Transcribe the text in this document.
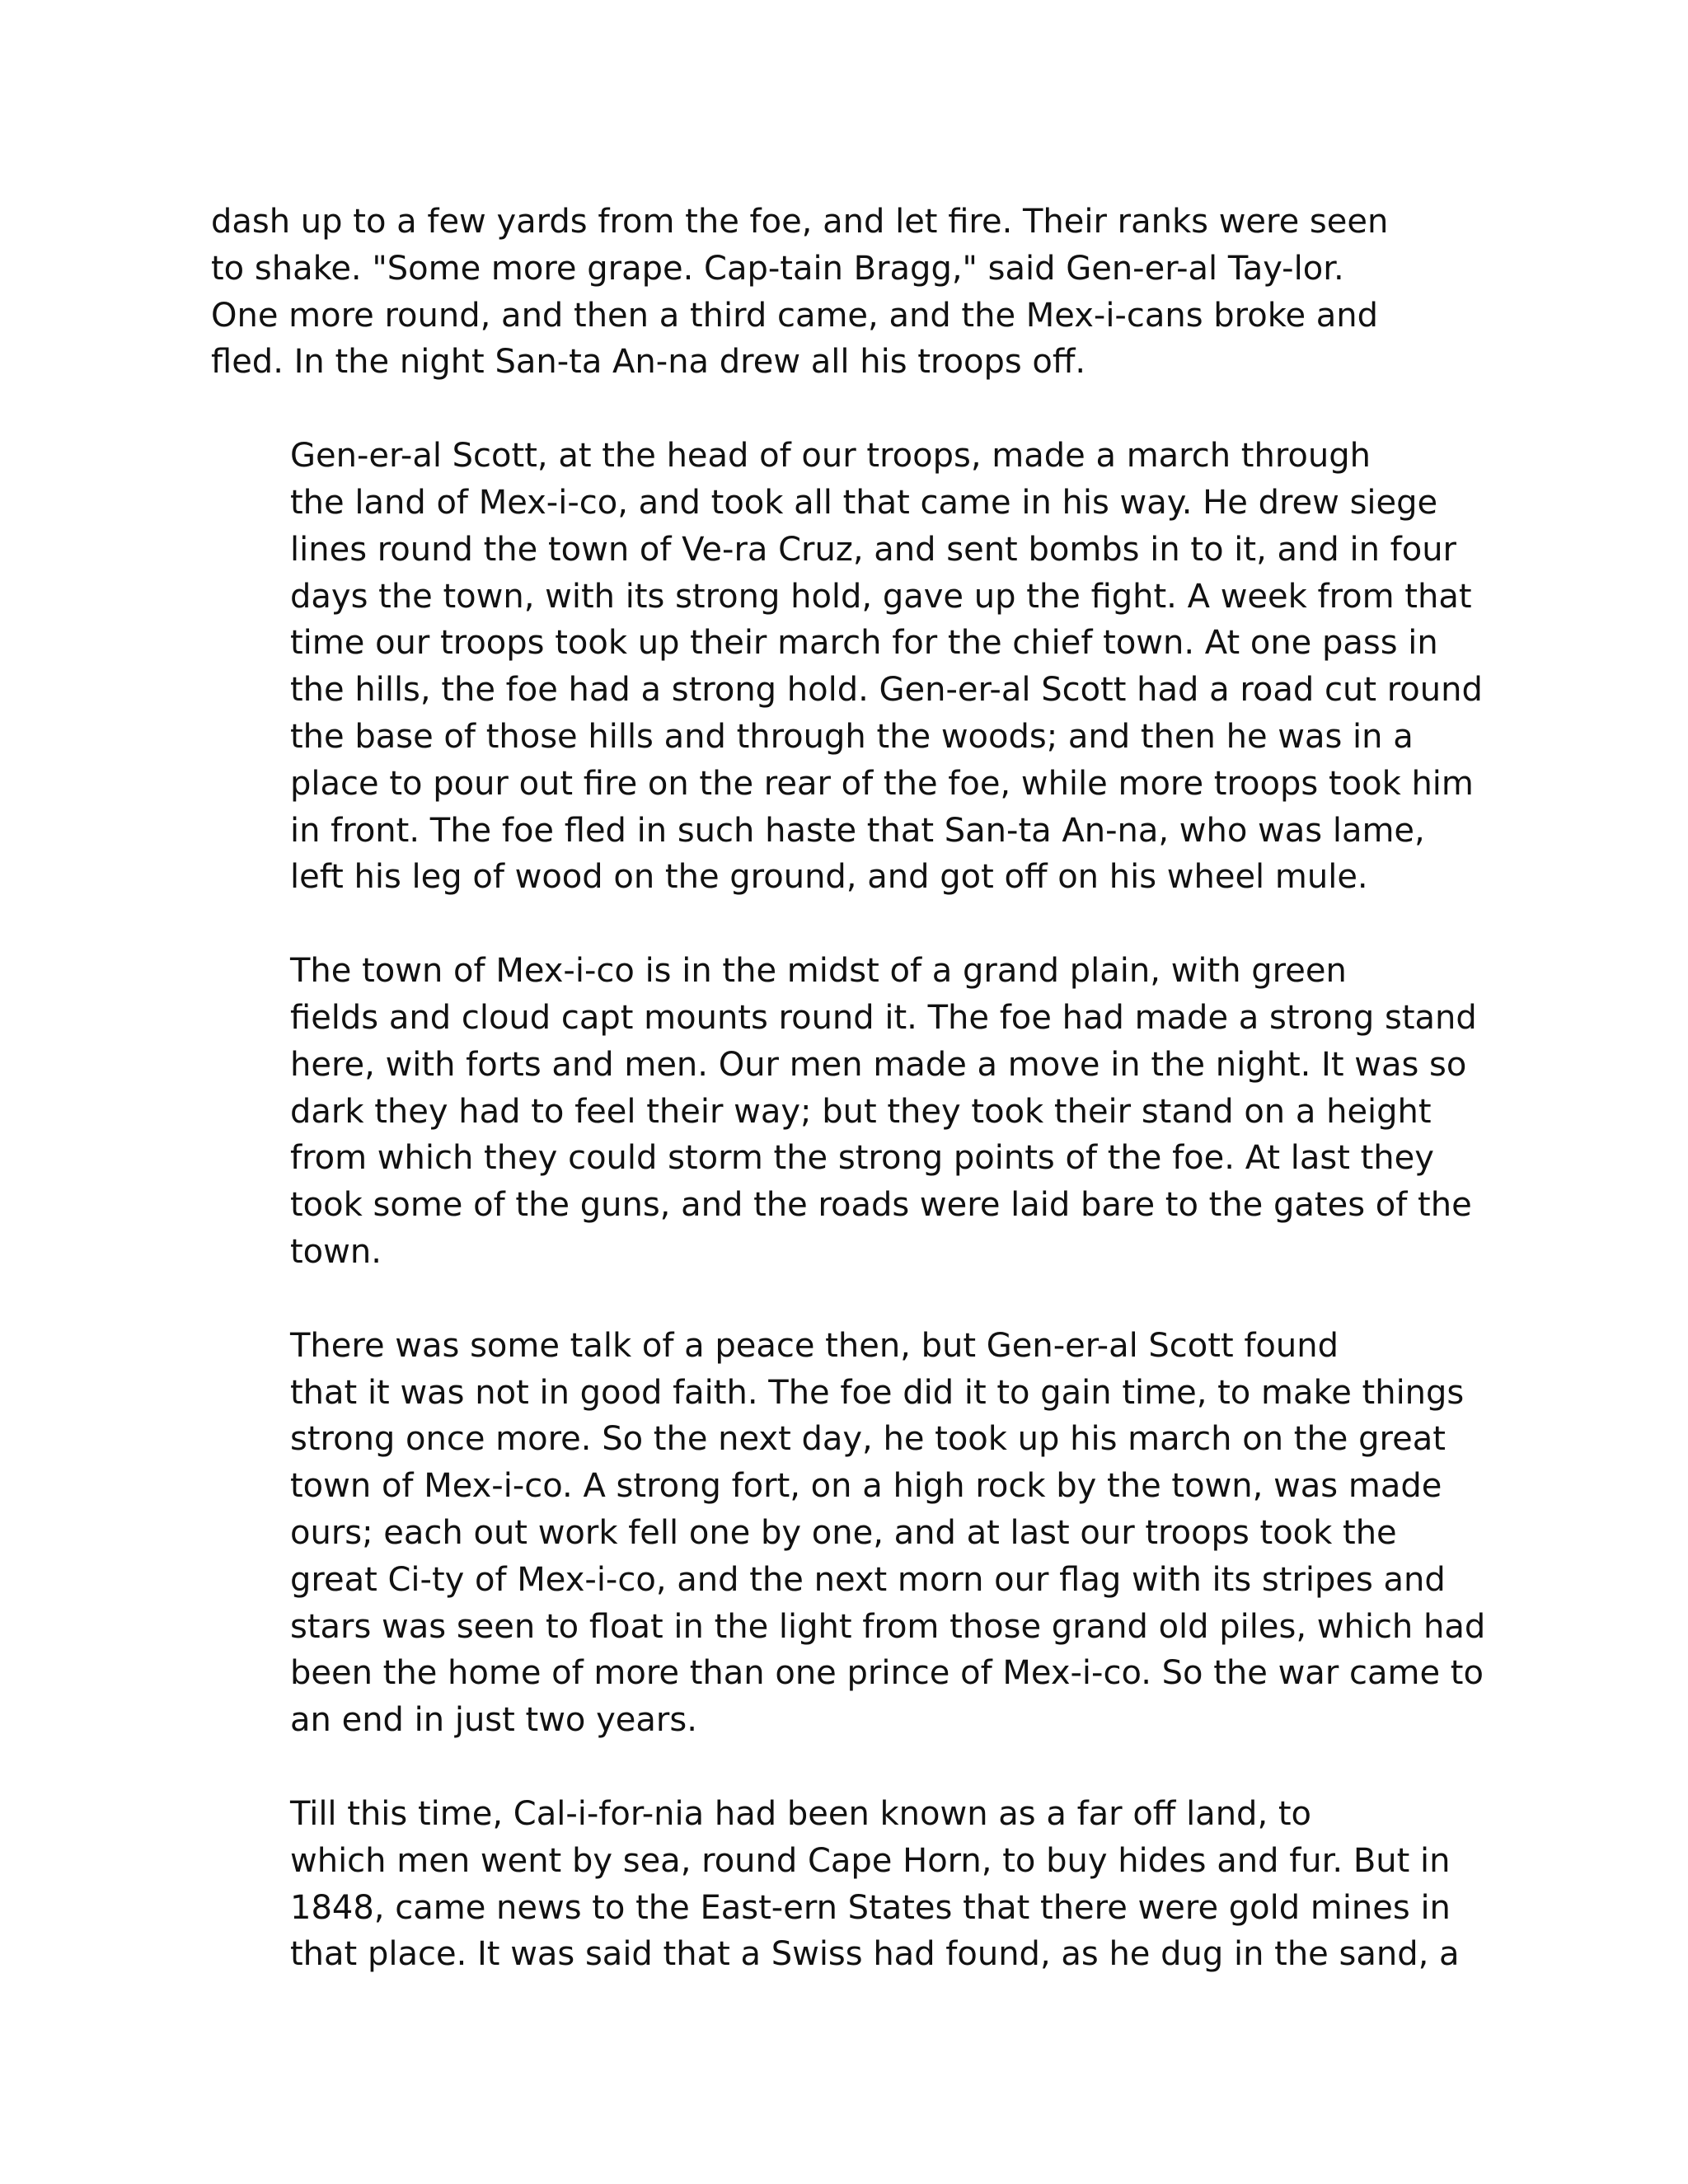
dash up to a few yards from the foe, and let fire. Their ranks were seen
to shake. "Some more grape. Cap-tain Bragg," said Gen-er-al Tay-lor.
One more round, and then a third came, and the Mex-i-cans broke and
fled. In the night San-ta An-na drew all his troops off.

Gen-er-al Scott, at the head of our troops, made a march through
the land of Mex-i-co, and took all that came in his way. He drew siege
lines round the town of Ve-ra Cruz, and sent bombs in to it, and in four
days the town, with its strong hold, gave up the fight. A week from that
time our troops took up their march for the chief town. At one pass in
the hills, the foe had a strong hold. Gen-er-al Scott had a road cut round
the base of those hills and through the woods; and then he was in a
place to pour out fire on the rear of the foe, while more troops took him
in front. The foe fled in such haste that San-ta An-na, who was lame,
left his leg of wood on the ground, and got off on his wheel mule.

The town of Mex-i-co is in the midst of a grand plain, with green
fields and cloud capt mounts round it. The foe had made a strong stand
here, with forts and men. Our men made a move in the night. It was so
dark they had to feel their way; but they took their stand on a height
from which they could storm the strong points of the foe. At last they
took some of the guns, and the roads were laid bare to the gates of the
town.

There was some talk of a peace then, but Gen-er-al Scott found
that it was not in good faith. The foe did it to gain time, to make things
strong once more. So the next day, he took up his march on the great
town of Mex-i-co. A strong fort, on a high rock by the town, was made
ours; each out work fell one by one, and at last our troops took the
great Ci-ty of Mex-i-co, and the next morn our flag with its stripes and
stars was seen to float in the light from those grand old piles, which had
been the home of more than one prince of Mex-i-co. So the war came to
an end in just two years.

Till this time, Cal-i-for-nia had been known as a far off land, to
which men went by sea, round Cape Horn, to buy hides and fur. But in
1848, came news to the East-ern States that there were gold mines in
that place. It was said that a Swiss had found, as he dug in the sand, a
